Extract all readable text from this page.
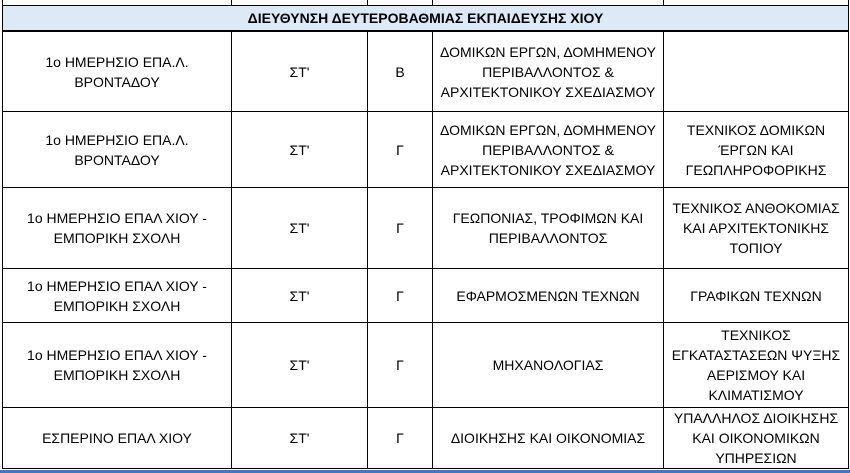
ΔΙΕΥΘΥΝΣΗ ΔΕΥΤΕΡΟΒΑΘΜΙΑΣ ΕΚΠΑΙΔΕΥΣΗΣ ΧΙΟΥ				
1ο ΗΜΕΡΗΣΙΟ ΕΠΑ.Λ. ΒΡΟΝΤΑΔΟΥ	ΣΤ'	Β	ΔΟΜΙΚΩΝ ΕΡΓΩΝ, ΔΟΜΗΜΕΝΟΥ ΠΕΡΙΒΑΛΛΟΝΤΟΣ & ΑΡΧΙΤΕΚΤΟΝΙΚΟΥ ΣΧΕΔΙΑΣΜΟΥ	
1ο ΗΜΕΡΗΣΙΟ ΕΠΑ.Λ. ΒΡΟΝΤΑΔΟΥ	ΣΤ'	Γ	ΔΟΜΙΚΩΝ ΕΡΓΩΝ, ΔΟΜΗΜΕΝΟΥ ΠΕΡΙΒΑΛΛΟΝΤΟΣ & ΑΡΧΙΤΕΚΤΟΝΙΚΟΥ ΣΧΕΔΙΑΣΜΟΥ	ΤΕΧΝΙΚΟΣ ΔΟΜΙΚΩΝ ΈΡΓΩΝ ΚΑΙ ΓΕΩΠΛΗΡΟΦΟΡΙΚΗΣ
1ο ΗΜΕΡΗΣΙΟ ΕΠΑΛ ΧΙΟΥ - ΕΜΠΟΡΙΚΗ ΣΧΟΛΗ	ΣΤ'	Γ	ΓΕΩΠΟΝΙΑΣ, ΤΡΟΦΙΜΩΝ ΚΑΙ ΠΕΡΙΒΑΛΛΟΝΤΟΣ	ΤΕΧΝΙΚΟΣ ΑΝΘΟΚΟΜΙΑΣ ΚΑΙ ΑΡΧΙΤΕΚΤΟΝΙΚΗΣ ΤΟΠΙΟΥ
1ο ΗΜΕΡΗΣΙΟ ΕΠΑΛ ΧΙΟΥ - ΕΜΠΟΡΙΚΗ ΣΧΟΛΗ	ΣΤ'	Γ	ΕΦΑΡΜΟΣΜΕΝΩΝ ΤΕΧΝΩΝ	ΓΡΑΦΙΚΩΝ ΤΕΧΝΩΝ
1ο ΗΜΕΡΗΣΙΟ ΕΠΑΛ ΧΙΟΥ - ΕΜΠΟΡΙΚΗ ΣΧΟΛΗ	ΣΤ'	Γ	ΜΗΧΑΝΟΛΟΓΙΑΣ	ΤΕΧΝΙΚΟΣ ΕΓΚΑΤΑΣΤΑΣΕΩΝ ΨΥΞΗΣ ΑΕΡΙΣΜΟΥ ΚΑΙ ΚΛΙΜΑΤΙΣΜΟΥ
ΕΣΠΕΡΙΝΟ ΕΠΑΛ ΧΙΟΥ	ΣΤ'	Γ	ΔΙΟΙΚΗΣΗΣ ΚΑΙ ΟΙΚΟΝΟΜΙΑΣ	ΥΠΑΛΛΗΛΟΣ ΔΙΟΙΚΗΣΗΣ ΚΑΙ ΟΙΚΟΝΟΜΙΚΩΝ ΥΠΗΡΕΣΙΩΝ
